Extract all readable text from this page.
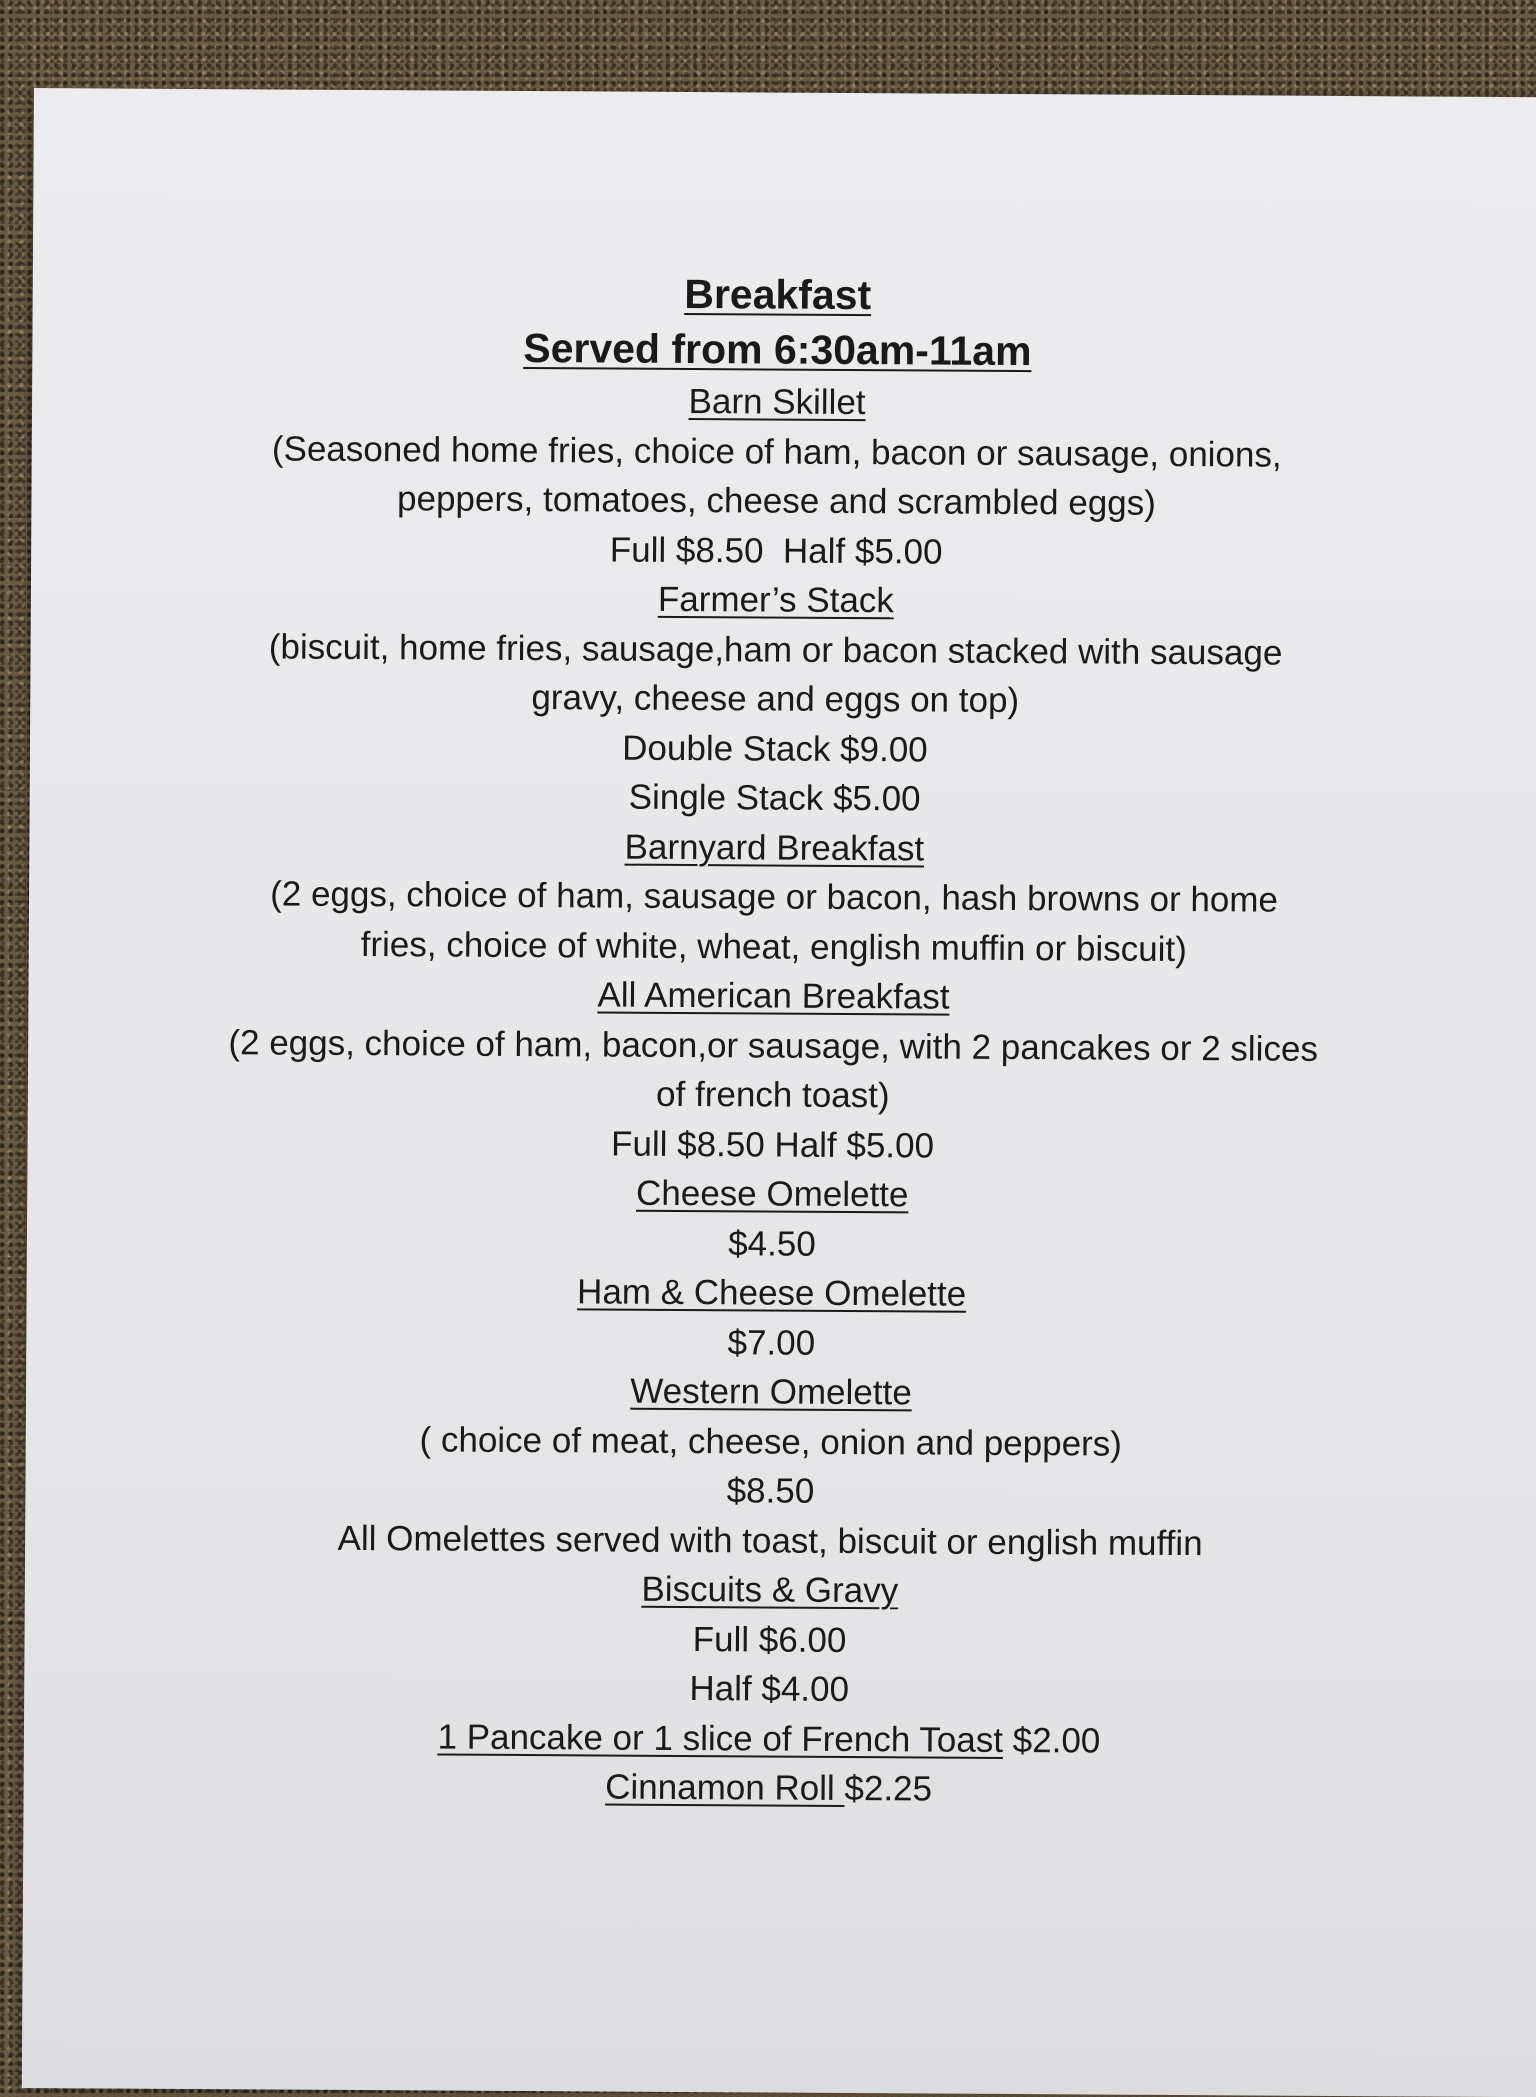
Breakfast
Served from 6:30am-11am
Barn Skillet
(Seasoned home fries, choice of ham, bacon or sausage, onions,
peppers, tomatoes, cheese and scrambled eggs)
Full $8.50  Half $5.00
Farmer’s Stack
(biscuit, home fries, sausage,ham or bacon stacked with sausage
gravy, cheese and eggs on top)
Double Stack $9.00
Single Stack $5.00
Barnyard Breakfast
(2 eggs, choice of ham, sausage or bacon, hash browns or home
fries, choice of white, wheat, english muffin or biscuit)
All American Breakfast
(2 eggs, choice of ham, bacon,or sausage, with 2 pancakes or 2 slices
of french toast)
Full $8.50 Half $5.00
Cheese Omelette
$4.50
Ham & Cheese Omelette
$7.00
Western Omelette
( choice of meat, cheese, onion and peppers)
$8.50
All Omelettes served with toast, biscuit or english muffin
Biscuits & Gravy
Full $6.00
Half $4.00
1 Pancake or 1 slice of French Toast $2.00
Cinnamon Roll $2.25
